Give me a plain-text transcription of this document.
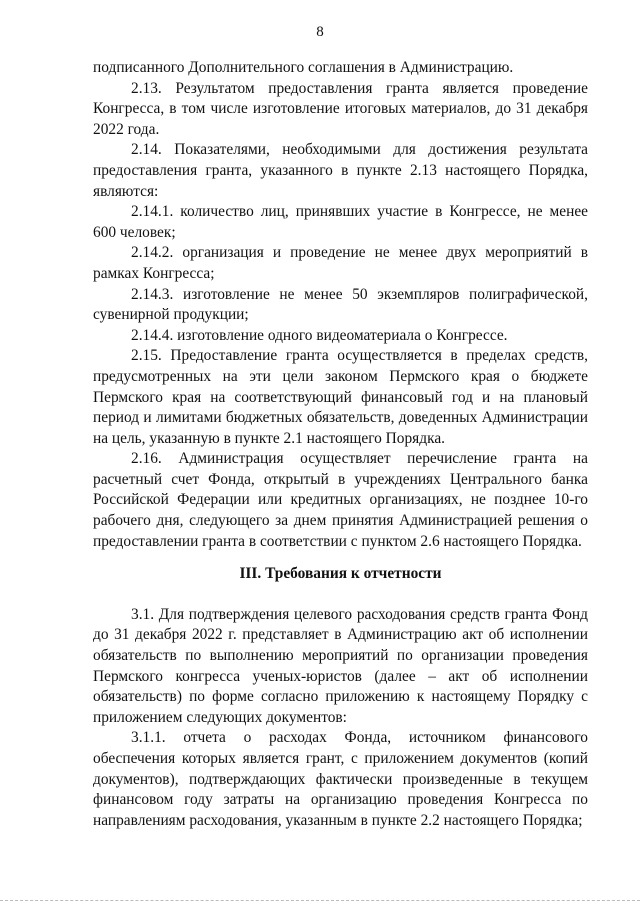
8

подписанного Дополнительного соглашения в Администрацию.

2.13. Результатом предоставления гранта является проведение Конгресса, в том числе изготовление итоговых материалов, до 31 декабря 2022 года.

2.14. Показателями, необходимыми для достижения результата предоставления гранта, указанного в пункте 2.13 настоящего Порядка, являются:

2.14.1. количество лиц, принявших участие в Конгрессе, не менее 600 человек;

2.14.2. организация и проведение не менее двух мероприятий в рамках Конгресса;

2.14.3. изготовление не менее 50 экземпляров полиграфической, сувенирной продукции;

2.14.4. изготовление одного видеоматериала о Конгрессе.

2.15. Предоставление гранта осуществляется в пределах средств, предусмотренных на эти цели законом Пермского края о бюджете Пермского края на соответствующий финансовый год и на плановый период и лимитами бюджетных обязательств, доведенных Администрации на цель, указанную в пункте 2.1 настоящего Порядка.

2.16. Администрация осуществляет перечисление гранта на расчетный счет Фонда, открытый в учреждениях Центрального банка Российской Федерации или кредитных организациях, не позднее 10-го рабочего дня, следующего за днем принятия Администрацией решения о предоставлении гранта в соответствии с пунктом 2.6 настоящего Порядка.

III. Требования к отчетности

3.1. Для подтверждения целевого расходования средств гранта Фонд до 31 декабря 2022 г. представляет в Администрацию акт об исполнении обязательств по выполнению мероприятий по организации проведения Пермского конгресса ученых-юристов (далее – акт об исполнении обязательств) по форме согласно приложению к настоящему Порядку с приложением следующих документов:

3.1.1. отчета о расходах Фонда, источником финансового обеспечения которых является грант, с приложением документов (копий документов), подтверждающих фактически произведенные в текущем финансовом году затраты на организацию проведения Конгресса по направлениям расходования, указанным в пункте 2.2 настоящего Порядка;
